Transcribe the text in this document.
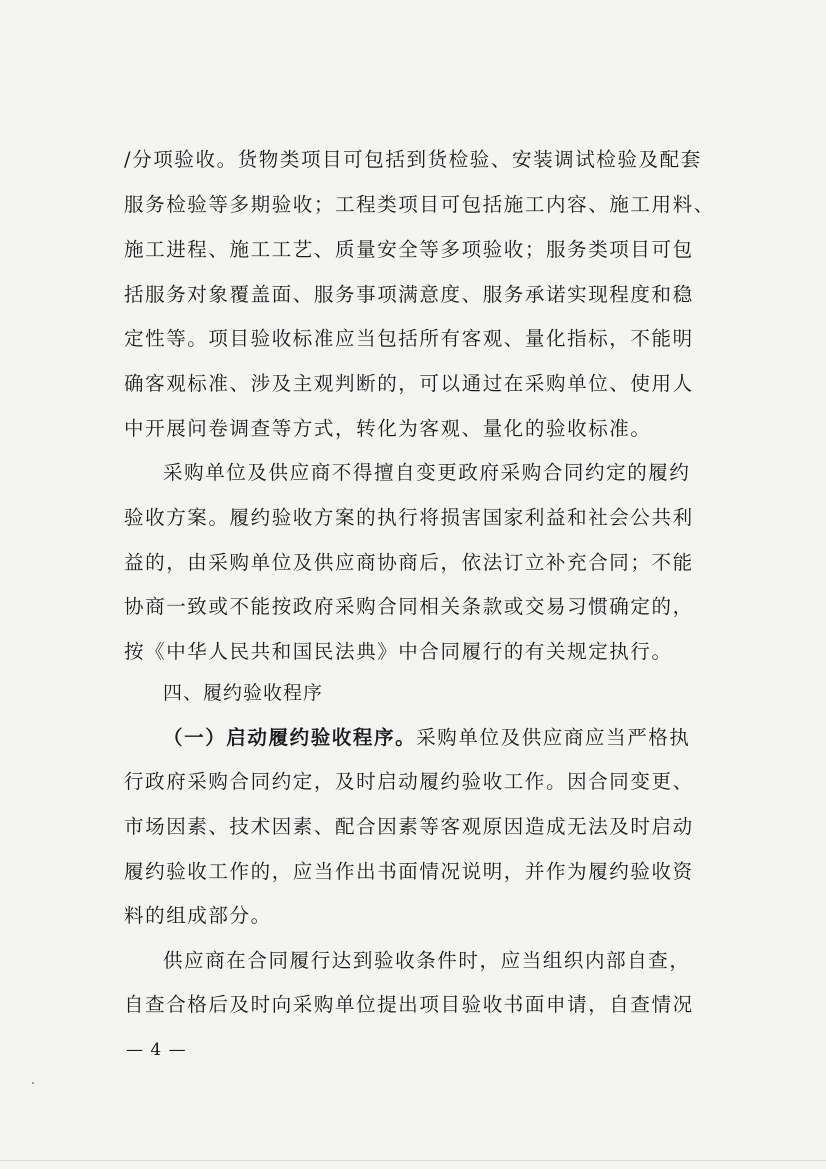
/分项验收。货物类项目可包括到货检验、安装调试检验及配套
服务检验等多期验收；工程类项目可包括施工内容、施工用料、
施工进程、施工工艺、质量安全等多项验收；服务类项目可包
括服务对象覆盖面、服务事项满意度、服务承诺实现程度和稳
定性等。项目验收标准应当包括所有客观、量化指标，不能明
确客观标准、涉及主观判断的，可以通过在采购单位、使用人
中开展问卷调查等方式，转化为客观、量化的验收标准。
采购单位及供应商不得擅自变更政府采购合同约定的履约
验收方案。履约验收方案的执行将损害国家利益和社会公共利
益的，由采购单位及供应商协商后，依法订立补充合同；不能
协商一致或不能按政府采购合同相关条款或交易习惯确定的，
按《中华人民共和国民法典》中合同履行的有关规定执行。
四、履约验收程序
（一）启动履约验收程序。采购单位及供应商应当严格执
行政府采购合同约定，及时启动履约验收工作。因合同变更、
市场因素、技术因素、配合因素等客观原因造成无法及时启动
履约验收工作的，应当作出书面情况说明，并作为履约验收资
料的组成部分。
供应商在合同履行达到验收条件时，应当组织内部自查，
自查合格后及时向采购单位提出项目验收书面申请，自查情况
— 4 —
